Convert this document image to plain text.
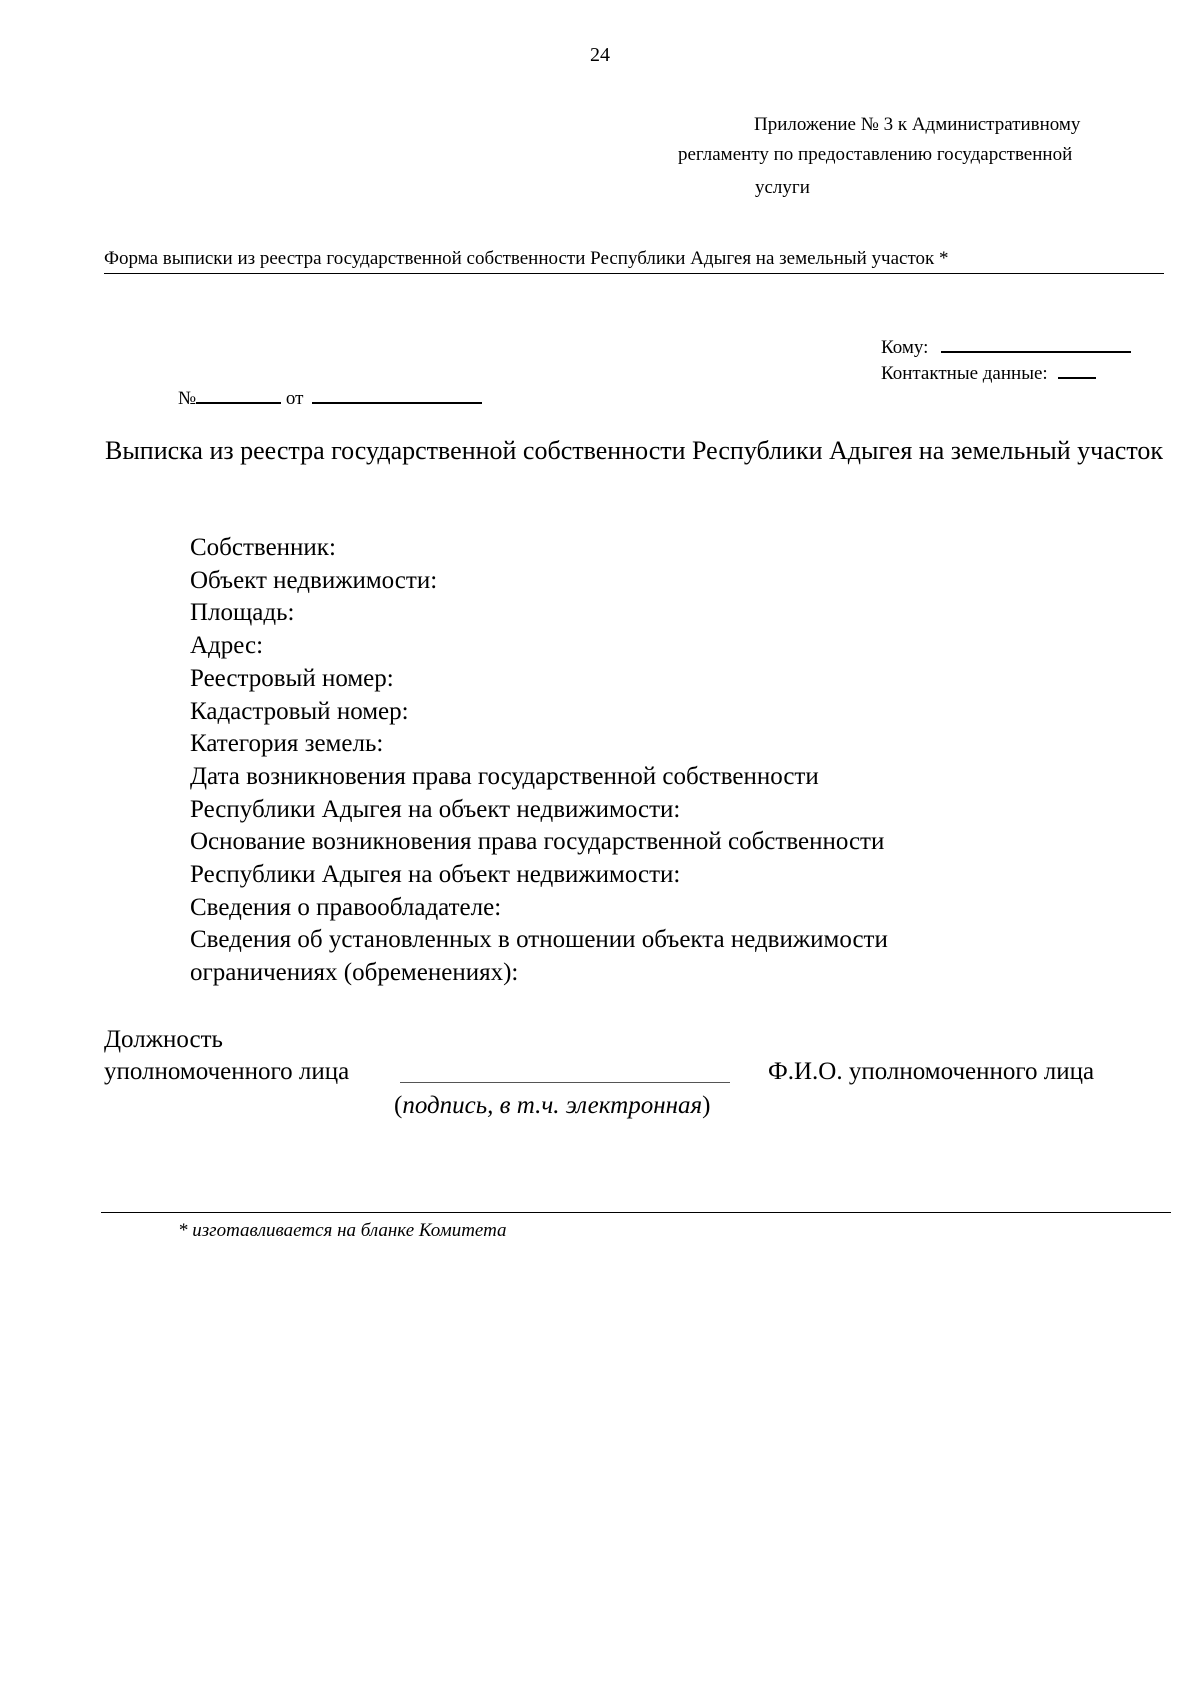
24
Приложение № 3 к Административному
регламенту по предоставлению государственной
услуги
Форма выписки из реестра государственной собственности Республики Адыгея на земельный участок *
Кому:
Контактные данные:
№	от
Выписка из реестра государственной собственности Республики Адыгея на земельный участок
Собственник:
Объект недвижимости:
Площадь:
Адрес:
Реестровый номер:
Кадастровый номер:
Категория земель:
Дата возникновения права государственной собственности
Республики Адыгея на объект недвижимости:
Основание возникновения права государственной собственности
Республики Адыгея на объект недвижимости:
Сведения о правообладателе:
Сведения об установленных в отношении объекта недвижимости
ограничениях (обременениях):
Должность
уполномоченного лица
(подпись, в т.ч. электронная)
Ф.И.О. уполномоченного лица
* изготавливается на бланке Комитета
